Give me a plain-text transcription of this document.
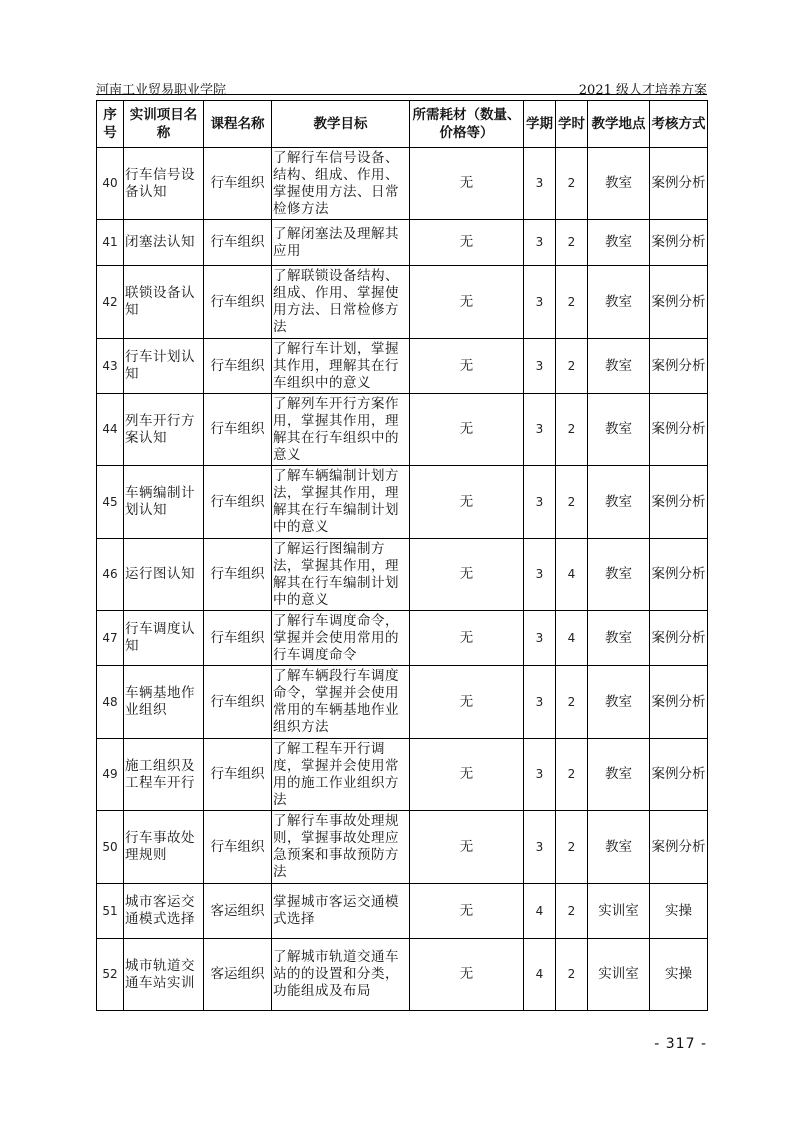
河南工业贸易职业学院	2021 级人才培养方案
序号	实训项目名称	课程名称	教学目标	所需耗材（数量、价格等）	学期	学时	教学地点	考核方式
40	行车信号设备认知	行车组织	了解行车信号设备、结构、组成、作用、掌握使用方法、日常检修方法	无	3	2	教室	案例分析
41	闭塞法认知	行车组织	了解闭塞法及理解其应用	无	3	2	教室	案例分析
42	联锁设备认知	行车组织	了解联锁设备结构、组成、作用、掌握使用方法、日常检修方法	无	3	2	教室	案例分析
43	行车计划认知	行车组织	了解行车计划，掌握其作用，理解其在行车组织中的意义	无	3	2	教室	案例分析
44	列车开行方案认知	行车组织	了解列车开行方案作用，掌握其作用，理解其在行车组织中的意义	无	3	2	教室	案例分析
45	车辆编制计划认知	行车组织	了解车辆编制计划方法，掌握其作用，理解其在行车编制计划中的意义	无	3	2	教室	案例分析
46	运行图认知	行车组织	了解运行图编制方法，掌握其作用，理解其在行车编制计划中的意义	无	3	4	教室	案例分析
47	行车调度认知	行车组织	了解行车调度命令，掌握并会使用常用的行车调度命令	无	3	4	教室	案例分析
48	车辆基地作业组织	行车组织	了解车辆段行车调度命令，掌握并会使用常用的车辆基地作业组织方法	无	3	2	教室	案例分析
49	施工组织及工程车开行	行车组织	了解工程车开行调度，掌握并会使用常用的施工作业组织方法	无	3	2	教室	案例分析
50	行车事故处理规则	行车组织	了解行车事故处理规则，掌握事故处理应急预案和事故预防方法	无	3	2	教室	案例分析
51	城市客运交通模式选择	客运组织	掌握城市客运交通模式选择	无	4	2	实训室	实操
52	城市轨道交通车站实训	客运组织	了解城市轨道交通车站的的设置和分类，功能组成及布局	无	4	2	实训室	实操
- 317 -
